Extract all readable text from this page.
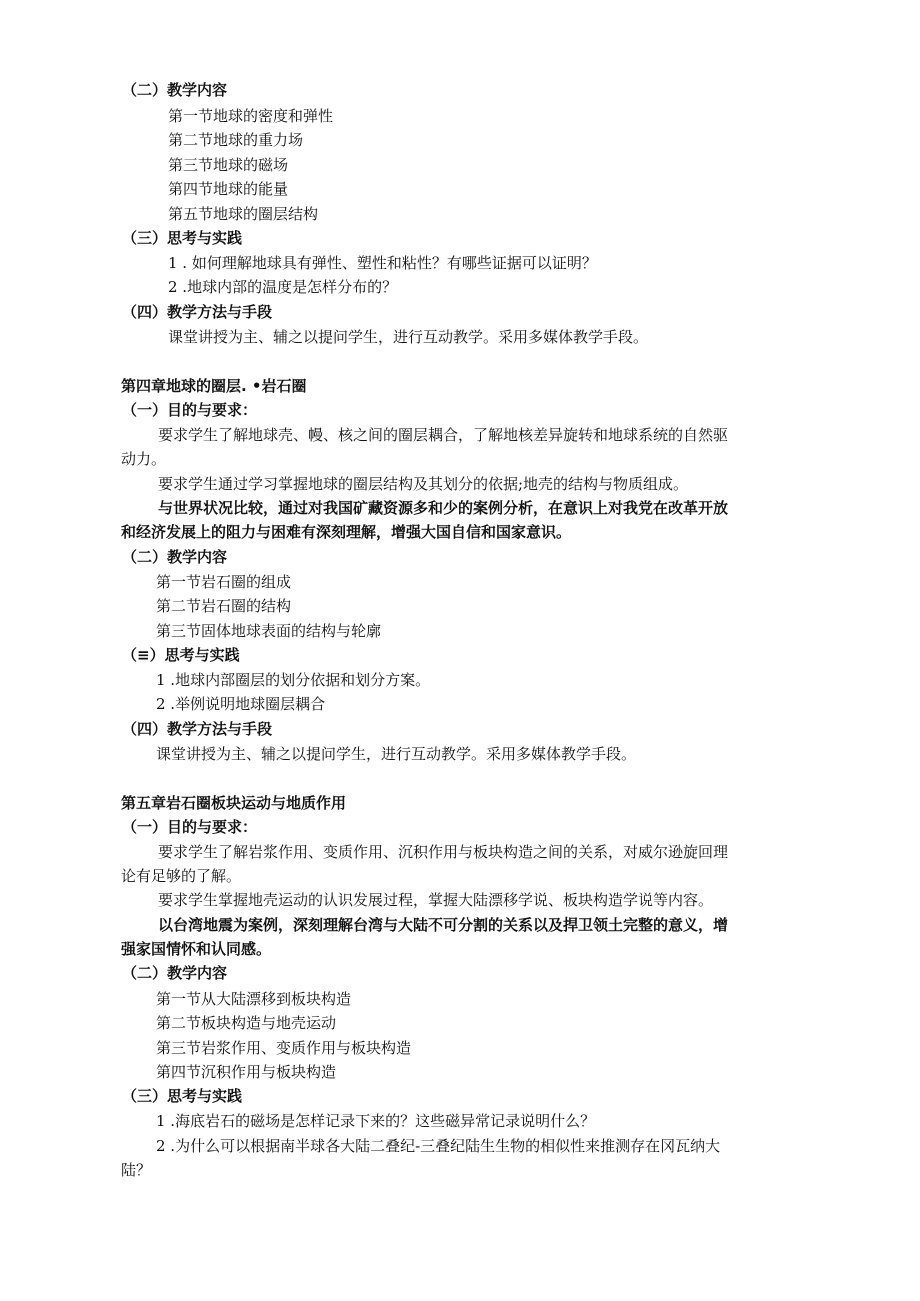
（二）教学内容
第一节地球的密度和弹性
第二节地球的重力场
第三节地球的磁场
第四节地球的能量
第五节地球的圈层结构
（三）思考与实践
1 . 如何理解地球具有弹性、塑性和粘性？有哪些证据可以证明？
2 .地球内部的温度是怎样分布的？
（四）教学方法与手段
课堂讲授为主、辅之以提问学生，进行互动教学。采用多媒体教学手段。
第四章地球的圈层. •岩石圈
（一）目的与要求：
要求学生了解地球壳、幔、核之间的圈层耦合，了解地核差异旋转和地球系统的自然驱
动力。
要求学生通过学习掌握地球的圈层结构及其划分的依据;地壳的结构与物质组成。
与世界状况比较，通过对我国矿藏资源多和少的案例分析，在意识上对我党在改革开放
和经济发展上的阻力与困难有深刻理解，增强大国自信和国家意识。
（二）教学内容
第一节岩石圈的组成
第二节岩石圈的结构
第三节固体地球表面的结构与轮廓
（≡）思考与实践
1 .地球内部圈层的划分依据和划分方案。
2 .举例说明地球圈层耦合
（四）教学方法与手段
课堂讲授为主、辅之以提问学生，进行互动教学。采用多媒体教学手段。
第五章岩石圈板块运动与地质作用
（一）目的与要求：
要求学生了解岩浆作用、变质作用、沉积作用与板块构造之间的关系，对威尔逊旋回理
论有足够的了解。
要求学生掌握地壳运动的认识发展过程，掌握大陆漂移学说、板块构造学说等内容。
以台湾地震为案例，深刻理解台湾与大陆不可分割的关系以及捍卫领土完整的意义，增
强家国情怀和认同感。
（二）教学内容
第一节从大陆漂移到板块构造
第二节板块构造与地壳运动
第三节岩浆作用、变质作用与板块构造
第四节沉积作用与板块构造
（三）思考与实践
1 .海底岩石的磁场是怎样记录下来的？这些磁异常记录说明什么？
2 .为什么可以根据南半球各大陆二叠纪-三叠纪陆生生物的相似性来推测存在冈瓦纳大
陆？
